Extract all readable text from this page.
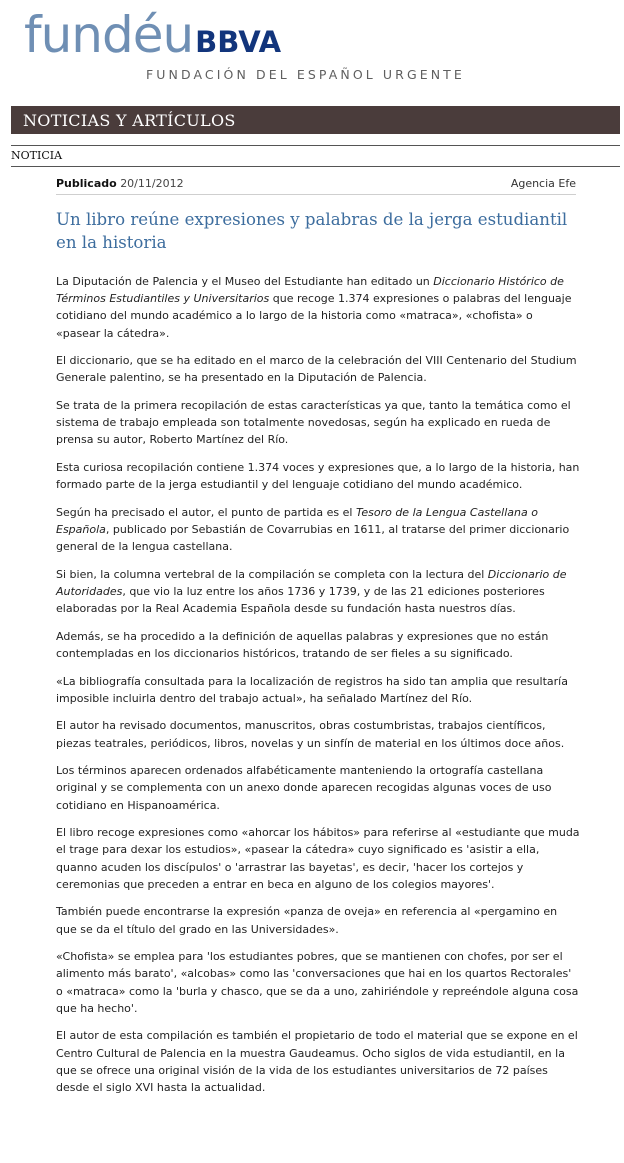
fundéuBBVA
FUNDACIÓN DEL ESPAÑOL URGENTE
NOTICIAS Y ARTÍCULOS
NOTICIA
Publicado 20/11/2012	Agencia Efe
Un libro reúne expresiones y palabras de la jerga estudiantil en la historia

La Diputación de Palencia y el Museo del Estudiante han editado un Diccionario Histórico de Términos Estudiantiles y Universitarios que recoge 1.374 expresiones o palabras del lenguaje cotidiano del mundo académico a lo largo de la historia como «matraca», «chofista» o «pasear la cátedra».

El diccionario, que se ha editado en el marco de la celebración del VIII Centenario del Studium Generale palentino, se ha presentado en la Diputación de Palencia.

Se trata de la primera recopilación de estas características ya que, tanto la temática como el sistema de trabajo empleada son totalmente novedosas, según ha explicado en rueda de prensa su autor, Roberto Martínez del Río.

Esta curiosa recopilación contiene 1.374 voces y expresiones que, a lo largo de la historia, han formado parte de la jerga estudiantil y del lenguaje cotidiano del mundo académico.

Según ha precisado el autor, el punto de partida es el Tesoro de la Lengua Castellana o Española, publicado por Sebastián de Covarrubias en 1611, al tratarse del primer diccionario general de la lengua castellana.

Si bien, la columna vertebral de la compilación se completa con la lectura del Diccionario de Autoridades, que vio la luz entre los años 1736 y 1739, y de las 21 ediciones posteriores elaboradas por la Real Academia Española desde su fundación hasta nuestros días.

Además, se ha procedido a la definición de aquellas palabras y expresiones que no están contempladas en los diccionarios históricos, tratando de ser fieles a su significado.

«La bibliografía consultada para la localización de registros ha sido tan amplia que resultaría imposible incluirla dentro del trabajo actual», ha señalado Martínez del Río.

El autor ha revisado documentos, manuscritos, obras costumbristas, trabajos científicos, piezas teatrales, periódicos, libros, novelas y un sinfín de material en los últimos doce años.

Los términos aparecen ordenados alfabéticamente manteniendo la ortografía castellana original y se complementa con un anexo donde aparecen recogidas algunas voces de uso cotidiano en Hispanoamérica.

El libro recoge expresiones como «ahorcar los hábitos» para referirse al «estudiante que muda el trage para dexar los estudios», «pasear la cátedra» cuyo significado es 'asistir a ella, quanno acuden los discípulos' o 'arrastrar las bayetas', es decir, 'hacer los cortejos y ceremonias que preceden a entrar en beca en alguno de los colegios mayores'.

También puede encontrarse la expresión «panza de oveja» en referencia al «pergamino en que se da el título del grado en las Universidades».

«Chofista» se emplea para 'los estudiantes pobres, que se mantienen con chofes, por ser el alimento más barato', «alcobas» como las 'conversaciones que hai en los quartos Rectorales' o «matraca» como la 'burla y chasco, que se da a uno, zahiriéndole y repreéndole alguna cosa que ha hecho'.

El autor de esta compilación es también el propietario de todo el material que se expone en el Centro Cultural de Palencia en la muestra Gaudeamus. Ocho siglos de vida estudiantil, en la que se ofrece una original visión de la vida de los estudiantes universitarios de 72 países desde el siglo XVI hasta la actualidad.
